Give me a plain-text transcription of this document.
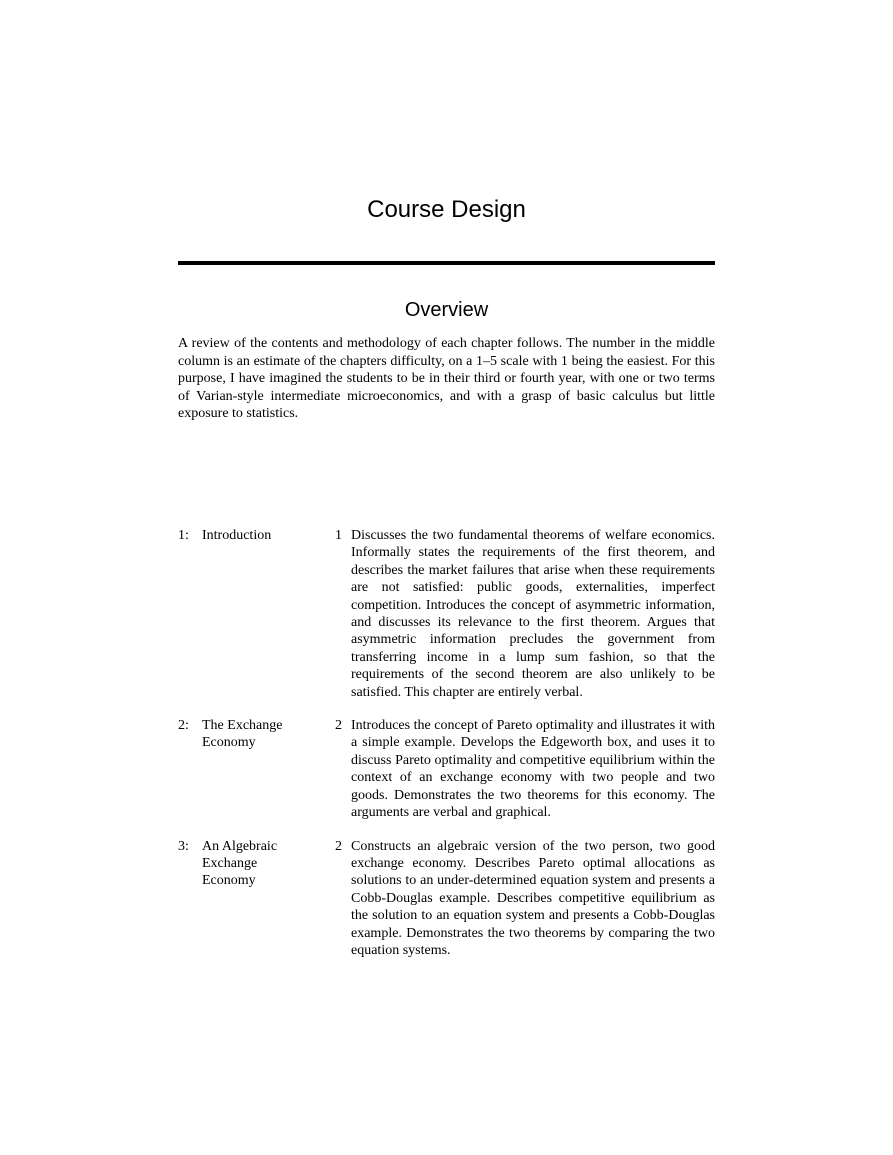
Course Design
Overview

A review of the contents and methodology of each chapter follows. The number in the middle column is an estimate of the chapters difficulty, on a 1–5 scale with 1 being the easiest. For this purpose, I have imagined the students to be in their third or fourth year, with one or two terms of Varian-style intermediate microeconomics, and with a grasp of basic calculus but little exposure to statistics.

1: Introduction	1 Discusses the two fundamental theorems of welfare economics. Informally states the requirements of the first theorem, and describes the market failures that arise when these requirements are not satisfied: public goods, externalities, imperfect competition. Introduces the concept of asymmetric information, and discusses its relevance to the first theorem. Argues that asymmetric information precludes the government from transferring income in a lump sum fashion, so that the requirements of the second theorem are also unlikely to be satisfied. This chapter are entirely verbal.
2: The Exchange Economy
2 Introduces the concept of Pareto optimality and illustrates it with a simple example. Develops the Edgeworth box, and uses it to discuss Pareto optimality and competitive equilibrium within the context of an exchange economy with two people and two goods. Demonstrates the two theorems for this economy. The arguments are verbal and graphical.
3: An Algebraic Exchange Economy
2 Constructs an algebraic version of the two person, two good exchange economy. Describes Pareto optimal allocations as solutions to an under-determined equation system and presents a Cobb-Douglas example. Describes competitive equilibrium as the solution to an equation system and presents a Cobb-Douglas example. Demonstrates the two theorems by comparing the two equation systems.
